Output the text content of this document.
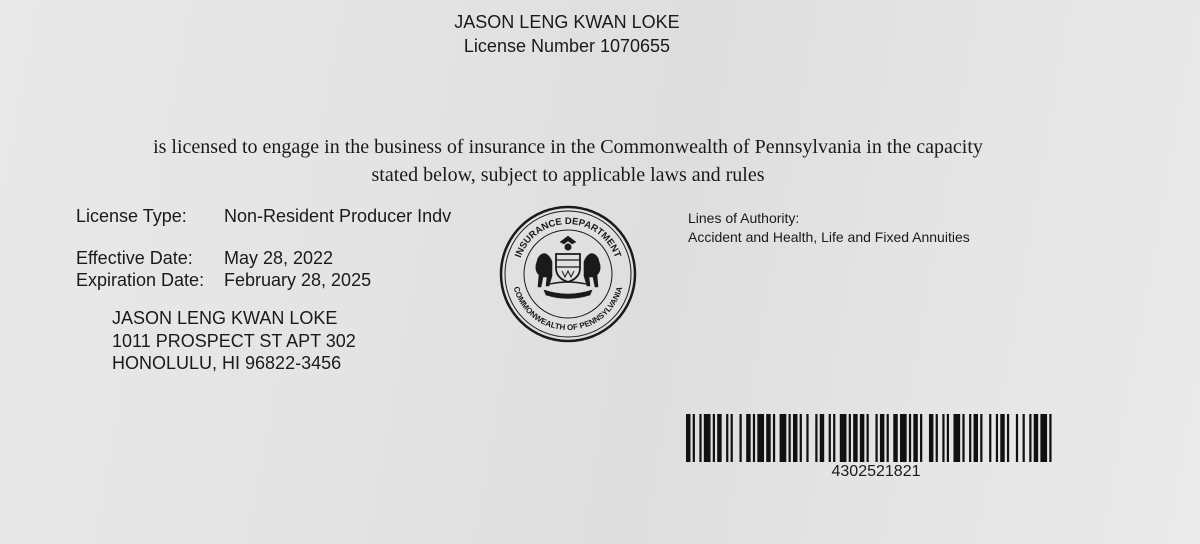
JASON LENG KWAN LOKE
License Number 1070655
is licensed to engage in the business of insurance in the Commonwealth of Pennsylvania in the capacity
stated below, subject to applicable laws and rules
License Type: Non-Resident Producer Indv
Effective Date: May 28, 2022
Expiration Date: February 28, 2025
JASON LENG KWAN LOKE
1011 PROSPECT ST APT 302
HONOLULU, HI 96822-3456
Lines of Authority:
Accident and Health, Life and Fixed Annuities
INSURANCE DEPARTMENT
COMMONWEALTH OF PENNSYLVANIA
4302521821
